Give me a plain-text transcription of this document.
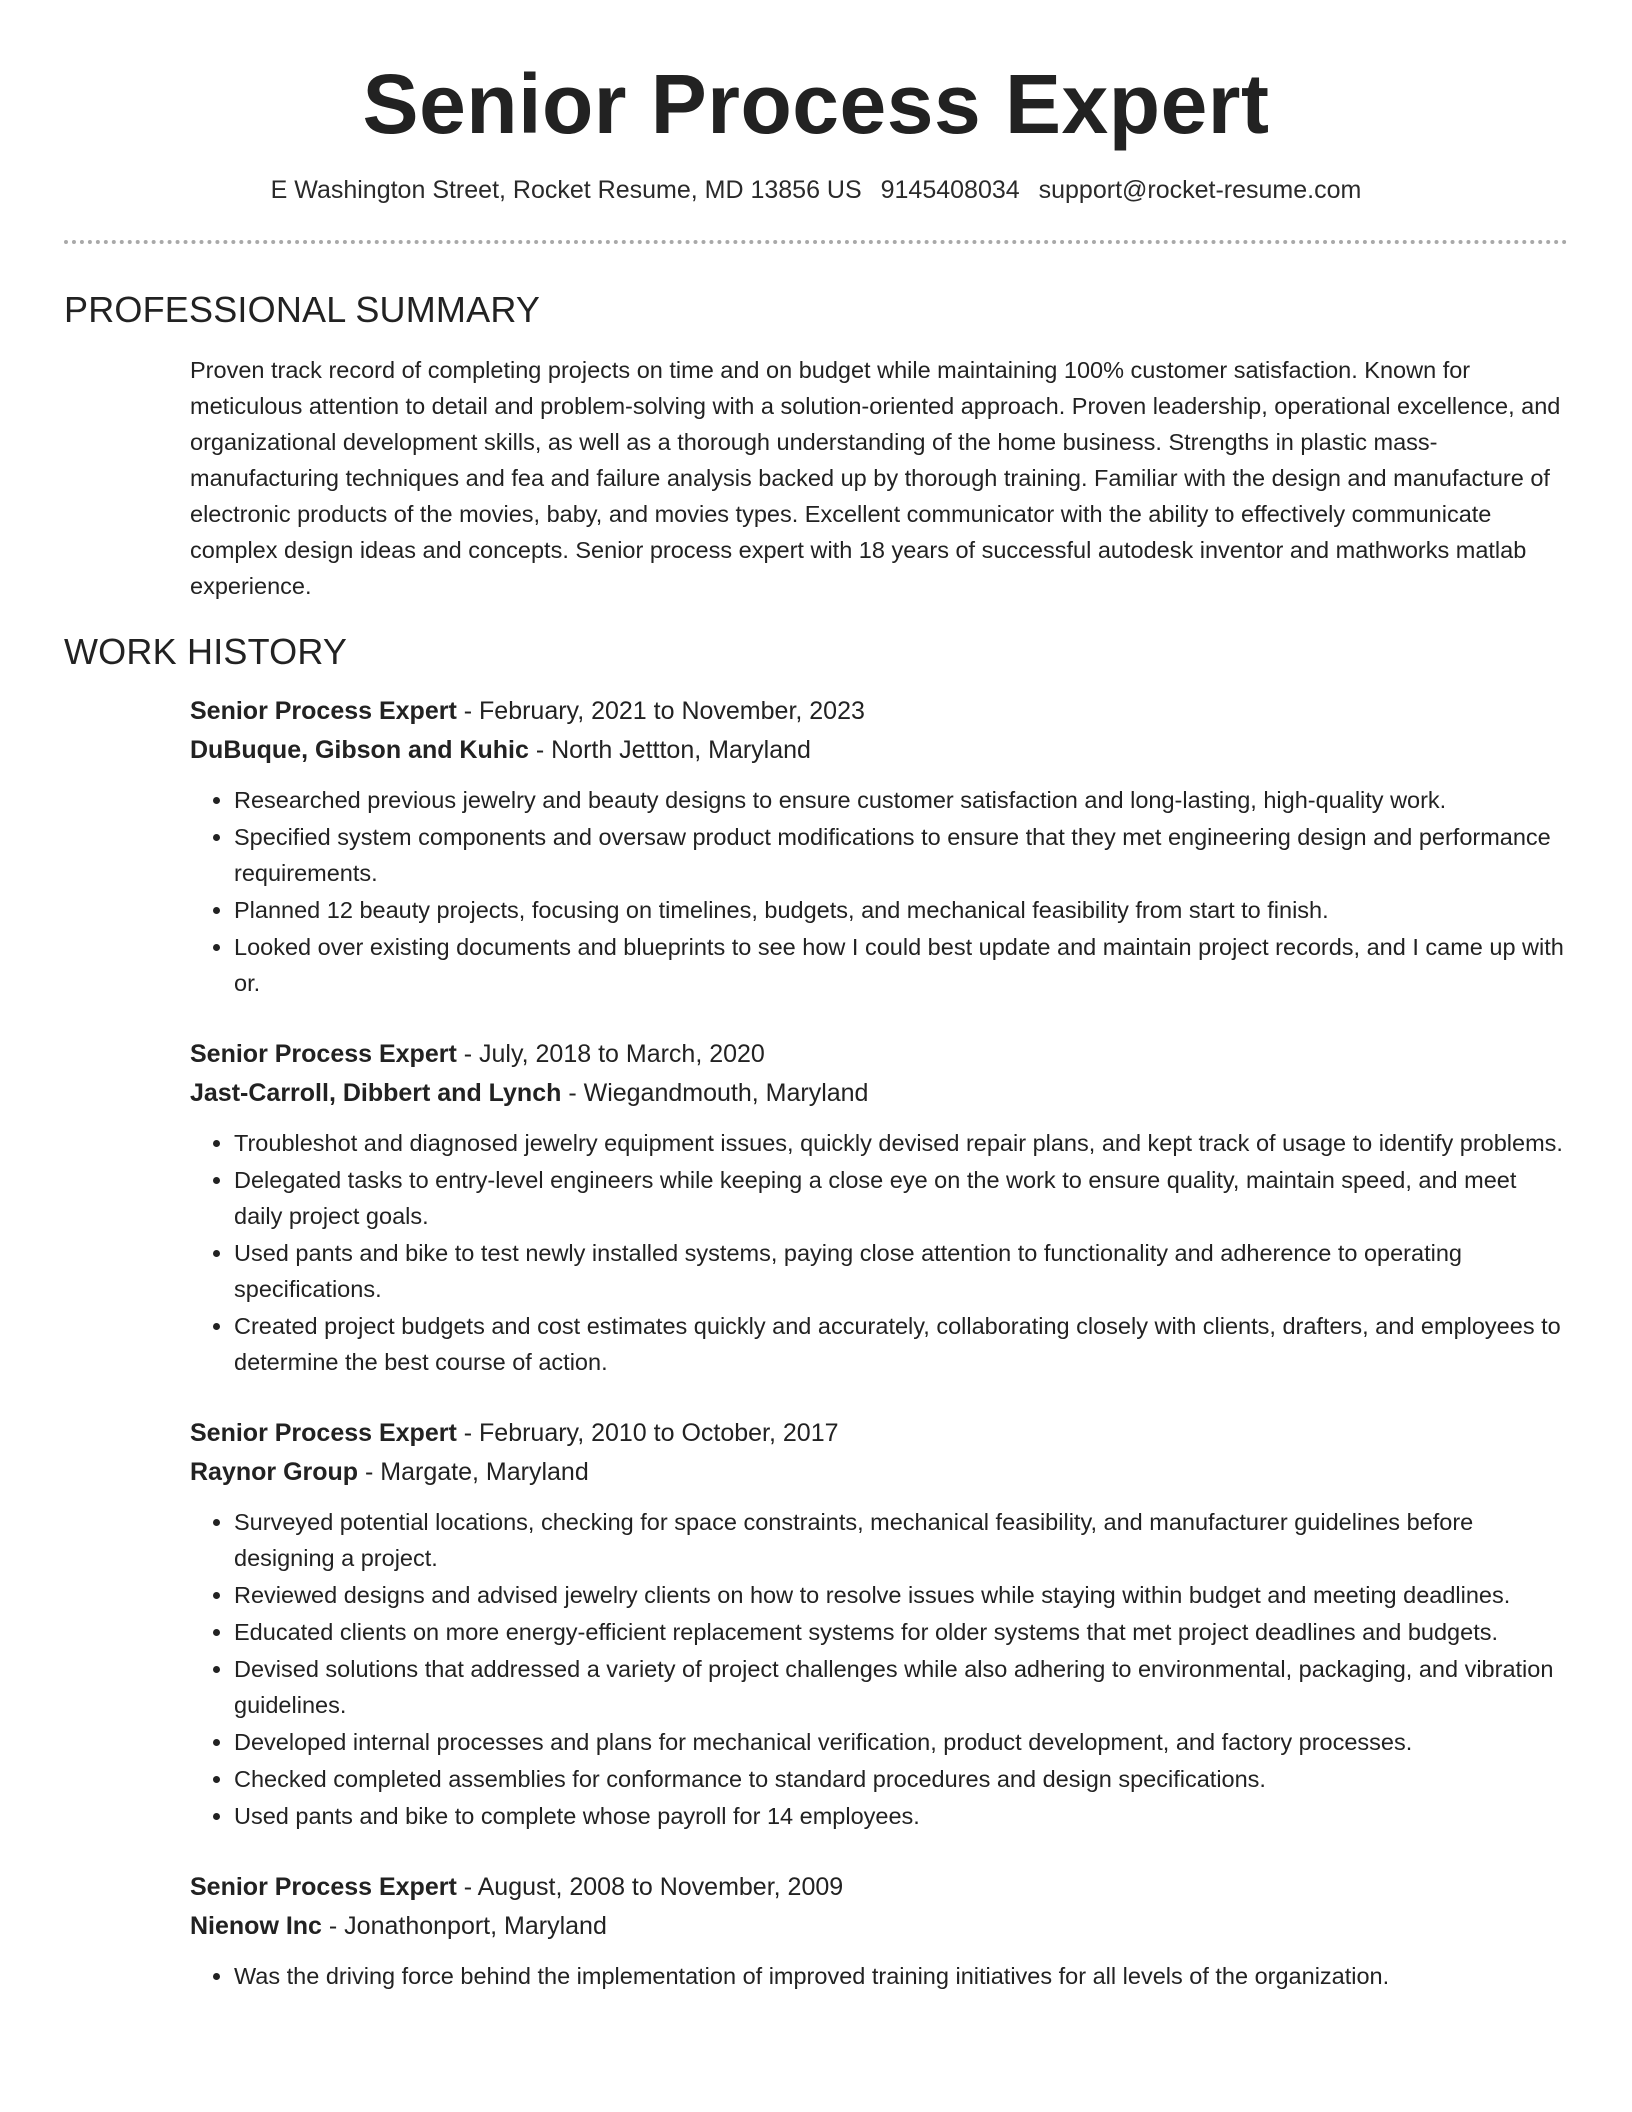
Senior Process Expert
E Washington Street, Rocket Resume, MD 13856 US 9145408034 support@rocket-resume.com
PROFESSIONAL SUMMARY

Proven track record of completing projects on time and on budget while maintaining 100% customer satisfaction. Known for meticulous attention to detail and problem-solving with a solution-oriented approach. Proven leadership, operational excellence, and organizational development skills, as well as a thorough understanding of the home business. Strengths in plastic mass-manufacturing techniques and fea and failure analysis backed up by thorough training. Familiar with the design and manufacture of electronic products of the movies, baby, and movies types. Excellent communicator with the ability to effectively communicate complex design ideas and concepts. Senior process expert with 18 years of successful autodesk inventor and mathworks matlab experience.

WORK HISTORY
Senior Process Expert - February, 2021 to November, 2023
DuBuque, Gibson and Kuhic - North Jettton, Maryland
• Researched previous jewelry and beauty designs to ensure customer satisfaction and long-lasting, high-quality work.
• Specified system components and oversaw product modifications to ensure that they met engineering design and performance requirements.
• Planned 12 beauty projects, focusing on timelines, budgets, and mechanical feasibility from start to finish.
• Looked over existing documents and blueprints to see how I could best update and maintain project records, and I came up with or.
Senior Process Expert - July, 2018 to March, 2020
Jast-Carroll, Dibbert and Lynch - Wiegandmouth, Maryland
• Troubleshot and diagnosed jewelry equipment issues, quickly devised repair plans, and kept track of usage to identify problems.
• Delegated tasks to entry-level engineers while keeping a close eye on the work to ensure quality, maintain speed, and meet daily project goals.
• Used pants and bike to test newly installed systems, paying close attention to functionality and adherence to operating specifications.
• Created project budgets and cost estimates quickly and accurately, collaborating closely with clients, drafters, and employees to determine the best course of action.
Senior Process Expert - February, 2010 to October, 2017
Raynor Group - Margate, Maryland
• Surveyed potential locations, checking for space constraints, mechanical feasibility, and manufacturer guidelines before designing a project.
• Reviewed designs and advised jewelry clients on how to resolve issues while staying within budget and meeting deadlines.
• Educated clients on more energy-efficient replacement systems for older systems that met project deadlines and budgets.
• Devised solutions that addressed a variety of project challenges while also adhering to environmental, packaging, and vibration guidelines.
• Developed internal processes and plans for mechanical verification, product development, and factory processes.
• Checked completed assemblies for conformance to standard procedures and design specifications.
• Used pants and bike to complete whose payroll for 14 employees.
Senior Process Expert - August, 2008 to November, 2009
Nienow Inc - Jonathonport, Maryland
• Was the driving force behind the implementation of improved training initiatives for all levels of the organization.
